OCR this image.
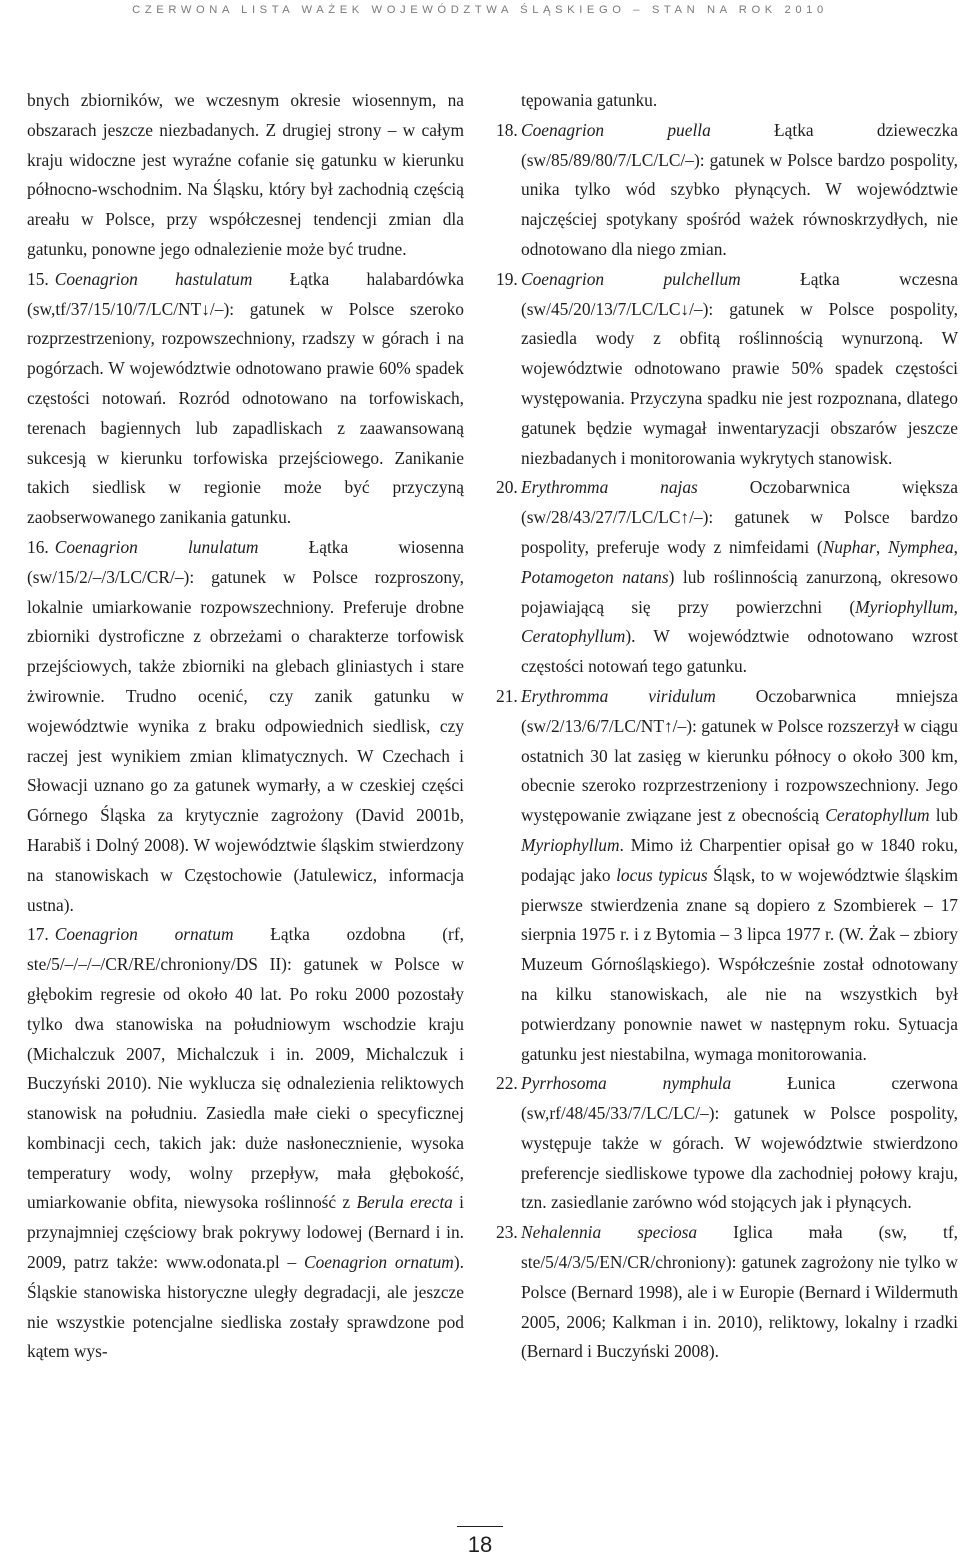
CZERWONA LISTA WAŻEK WOJEWÓDZTWA ŚLĄSKIEGO – STAN NA ROK 2010

bnych zbiorników, we wczesnym okresie wiosennym, na obszarach jeszcze niezbadanych. Z drugiej strony – w całym kraju widoczne jest wyraźne cofanie się gatunku w kierunku północno-wschodnim. Na Śląsku, który był zachodnią częścią areału w Polsce, przy współczesnej tendencji zmian dla gatunku, ponowne jego odnalezienie może być trudne.

15. Coenagrion hastulatum Łątka halabardówka (sw,tf/37/15/10/7/LC/NT↓/–): gatunek w Polsce szeroko rozprzestrzeniony, rozpowszechniony, rzadszy w górach i na pogórzach. W województwie odnotowano prawie 60% spadek częstości notowań. Rozród odnotowano na torfowiskach, terenach bagiennych lub zapadliskach z zaawansowaną sukcesją w kierunku torfowiska przejściowego. Zanikanie takich siedlisk w regionie może być przyczyną zaobserwowanego zanikania gatunku.

16. Coenagrion lunulatum Łątka wiosenna (sw/15/2/–/3/LC/CR/–): gatunek w Polsce rozproszony, lokalnie umiarkowanie rozpowszechniony. Preferuje drobne zbiorniki dystroficzne z obrzeżami o charakterze torfowisk przejściowych, także zbiorniki na glebach gliniastych i stare żwirownie. Trudno ocenić, czy zanik gatunku w województwie wynika z braku odpowiednich siedlisk, czy raczej jest wynikiem zmian klimatycznych. W Czechach i Słowacji uznano go za gatunek wymarły, a w czeskiej części Górnego Śląska za krytycznie zagrożony (David 2001b, Harabiš i Dolný 2008). W województwie śląskim stwierdzony na stanowiskach w Częstochowie (Jatulewicz, informacja ustna).

17. Coenagrion ornatum Łątka ozdobna (rf, ste/5/–/–/–/CR/RE/chroniony/DS II): gatunek w Polsce w głębokim regresie od około 40 lat. Po roku 2000 pozostały tylko dwa stanowiska na południowym wschodzie kraju (Michalczuk 2007, Michalczuk i in. 2009, Michalczuk i Buczyński 2010). Nie wyklucza się odnalezienia reliktowych stanowisk na południu. Zasiedla małe cieki o specyficznej kombinacji cech, takich jak: duże nasłonecznienie, wysoka temperatury wody, wolny przepływ, mała głębokość, umiarkowanie obfita, niewysoka roślinność z Berula erecta i przynajmniej częściowy brak pokrywy lodowej (Bernard i in. 2009, patrz także: www.odonata.pl – Coenagrion ornatum). Śląskie stanowiska historyczne uległy degradacji, ale jeszcze nie wszystkie potencjalne siedliska zostały sprawdzone pod kątem wys-

tępowania gatunku.

18. Coenagrion puella Łątka dzieweczka (sw/85/89/80/7/LC/LC/–): gatunek w Polsce bardzo pospolity, unika tylko wód szybko płynących. W województwie najczęściej spotykany spośród ważek równoskrzydłych, nie odnotowano dla niego zmian.

19. Coenagrion pulchellum Łątka wczesna (sw/45/20/13/7/LC/LC↓/–): gatunek w Polsce pospolity, zasiedla wody z obfitą roślinnością wynurzoną. W województwie odnotowano prawie 50% spadek częstości występowania. Przyczyna spadku nie jest rozpoznana, dlatego gatunek będzie wymagał inwentaryzacji obszarów jeszcze niezbadanych i monitorowania wykrytych stanowisk.

20. Erythromma najas Oczobarwnica większa (sw/28/43/27/7/LC/LC↑/–): gatunek w Polsce bardzo pospolity, preferuje wody z nimfeidami (Nuphar, Nymphea, Potamogeton natans) lub roślinnością zanurzoną, okresowo pojawiającą się przy powierzchni (Myriophyllum, Ceratophyllum). W województwie odnotowano wzrost częstości notowań tego gatunku.

21. Erythromma viridulum Oczobarwnica mniejsza (sw/2/13/6/7/LC/NT↑/–): gatunek w Polsce rozszerzył w ciągu ostatnich 30 lat zasięg w kierunku północy o około 300 km, obecnie szeroko rozprzestrzeniony i rozpowszechniony. Jego występowanie związane jest z obecnością Ceratophyllum lub Myriophyllum. Mimo iż Charpentier opisał go w 1840 roku, podając jako locus typicus Śląsk, to w województwie śląskim pierwsze stwierdzenia znane są dopiero z Szombierek – 17 sierpnia 1975 r. i z Bytomia – 3 lipca 1977 r. (W. Żak – zbiory Muzeum Górnośląskiego). Współcześnie został odnotowany na kilku stanowiskach, ale nie na wszystkich był potwierdzany ponownie nawet w następnym roku. Sytuacja gatunku jest niestabilna, wymaga monitorowania.

22. Pyrrhosoma nymphula Łunica czerwona (sw,rf/48/45/33/7/LC/LC/–): gatunek w Polsce pospolity, występuje także w górach. W województwie stwierdzono preferencje siedliskowe typowe dla zachodniej połowy kraju, tzn. zasiedlanie zarówno wód stojących jak i płynących.

23. Nehalennia speciosa Iglica mała (sw, tf, ste/5/4/3/5/EN/CR/chroniony): gatunek zagrożony nie tylko w Polsce (Bernard 1998), ale i w Europie (Bernard i Wildermuth 2005, 2006; Kalkman i in. 2010), reliktowy, lokalny i rzadki (Bernard i Buczyński 2008).

18
